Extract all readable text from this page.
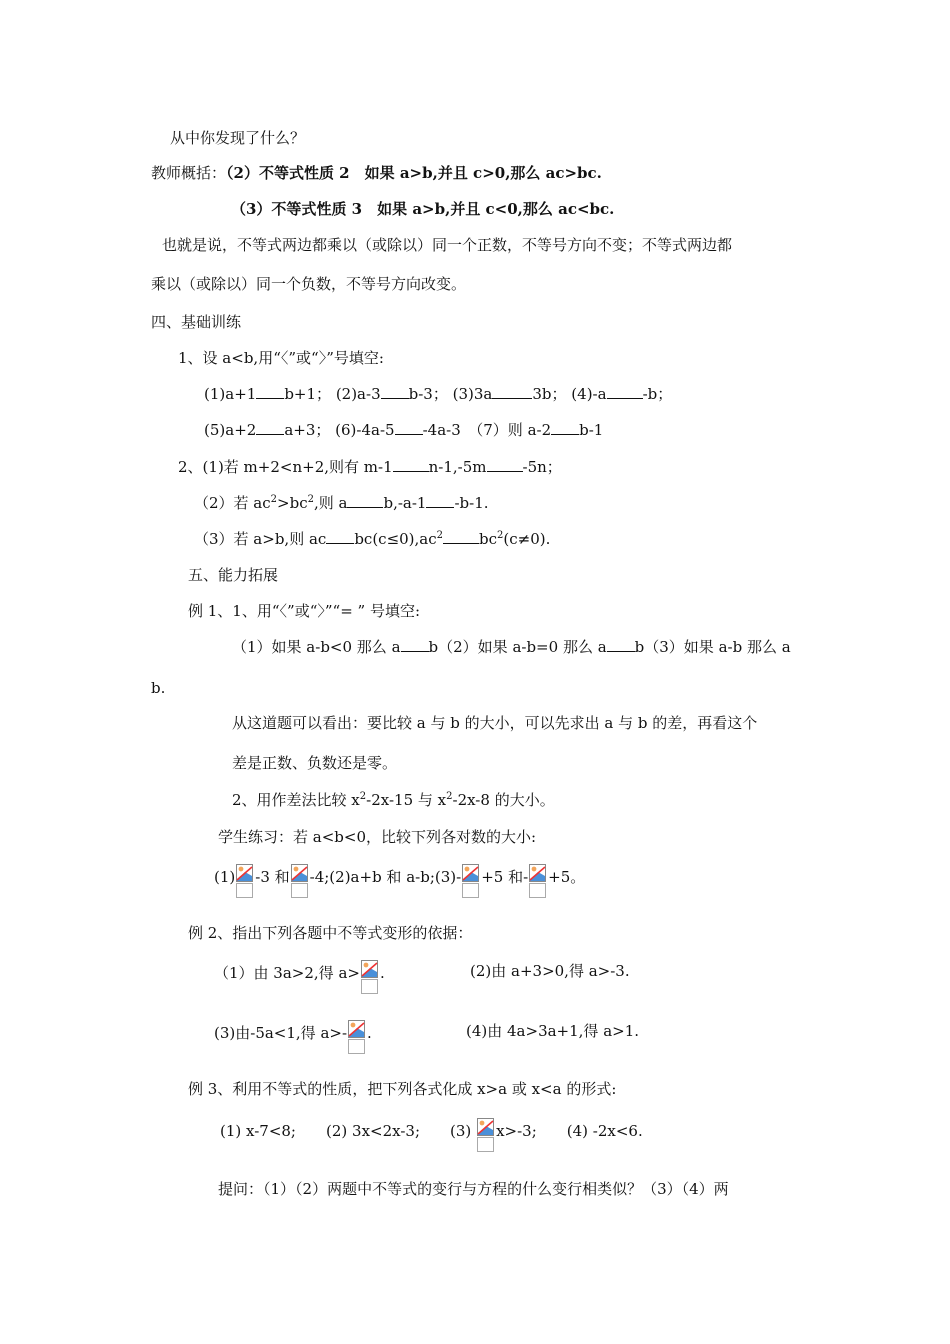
从中你发现了什么？
教师概括：（2）不等式性质 2　如果 a>b,并且 c>0,那么 ac>bc.
（3）不等式性质 3　如果 a>b,并且 c<0,那么 ac<bc.
也就是说，不等式两边都乘以（或除以）同一个正数，不等号方向不变；不等式两边都
乘以（或除以）同一个负数，不等号方向改变。
四、基础训练
1、设 a<b,用“〈”或“〉”号填空:
(1)a+1 b+1； (2)a-3 b-3； (3)3a	3b； (4)-a -b；
(5)a+2 a+3； (6)-4a-5 -4a-3　 （7）则 a-2 b-1
2、(1)若 m+2<n+2,则有 m-1 n-1,-5m -5n；
（2）若 $ac^2>bc^2$,则 a b,-a-1 -b-1.
（3）若 a>b,则 ac $bc(c\le 0),ac^2$ $bc^2(c\ne 0)$.
五、能力拓展
例 1、1、用“〈”或“〉”“= ” 号填空:
（1）如果 a-b<0 那么 a b（2）如果 a-b=0 那么 a b（3）如果 a-b 那么 a
b.
从这道题可以看出：要比较 a 与 b 的大小，可以先求出 a 与 b 的差，再看这个
差是正数、负数还是零。
2、用作差法比较 $x^2-2x-15$ 与 $x^2-2x-8$ 的大小。
学生练习：若 a<b<0，比较下列各对数的大小:
(1) -3 和 -4;(2)a+b 和 a-b;(3)- +5 和- +5。
例 2、指出下列各题中不等式变形的依据：
（1）由 3a>2,得 a> .	(2)由 a+3>0,得 a>-3.
(3)由-5a<1,得 a>- .	(4)由 4a>3a+1,得 a>1.
例 3、利用不等式的性质，把下列各式化成 x>a 或 x<a 的形式:
(1) x-7<8;　　 (2) 3x<2x-3;　　 (3) x>-3;　　 (4) -2x<6.
提问：（1）（2）两题中不等式的变行与方程的什么变行相类似？（3）（4）两
